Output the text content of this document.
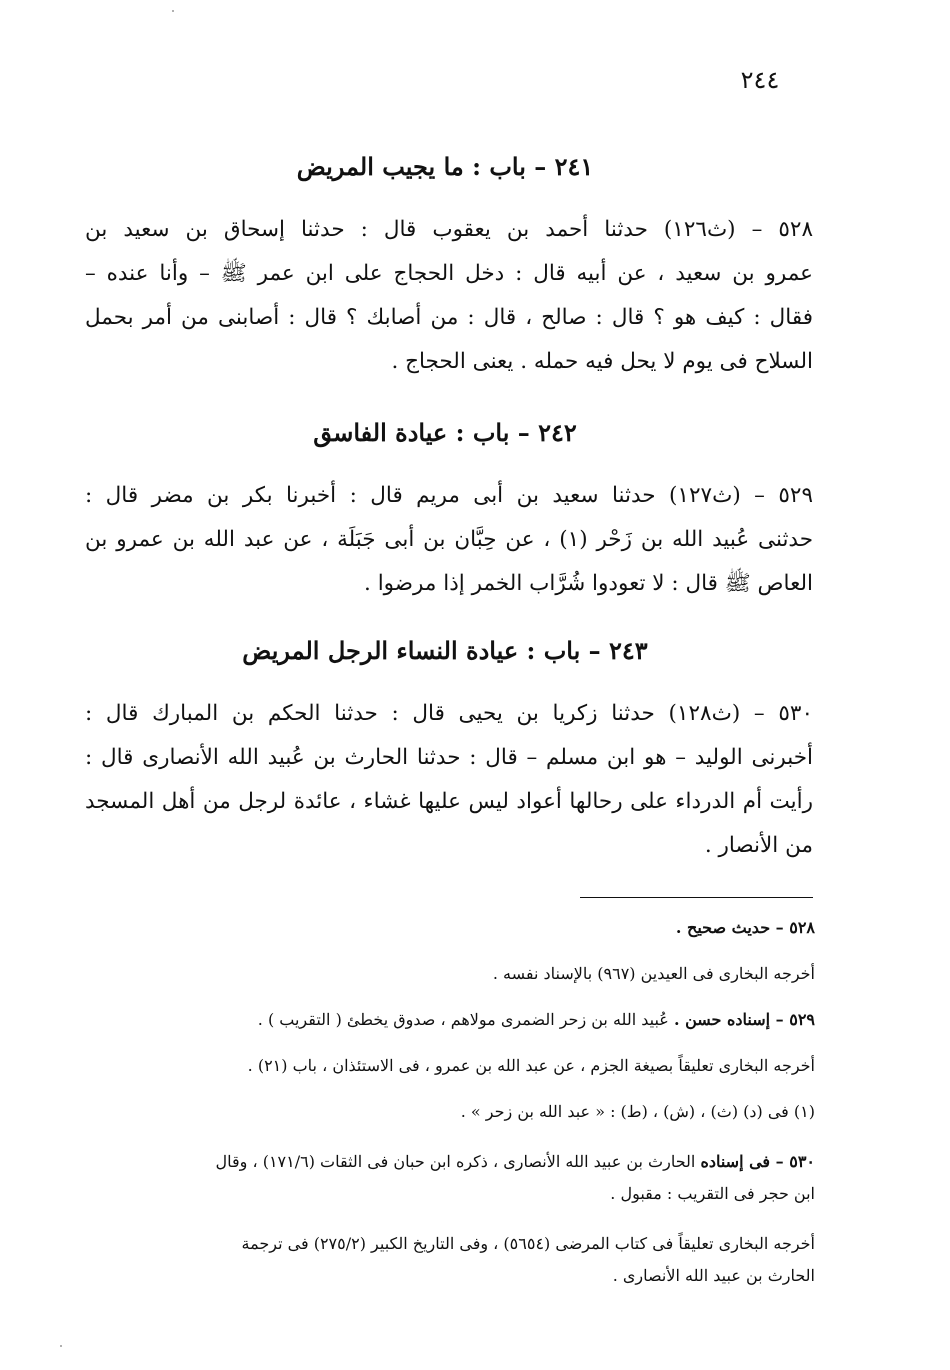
٢٤٤
٢٤١ – باب : ما يجيب المريض
٥٢٨ – (ث١٢٦) حدثنا أحمد بن يعقوب قال : حدثنا إسحاق بن سعيد بن
عمرو بن سعيد ، عن أبيه قال : دخل الحجاج على ابن عمر ﷺ – وأنا عنده –
فقال : كيف هو ؟ قال : صالح ، قال : من أصابك ؟ قال : أصابنى من أمر بحمل
السلاح فى يوم لا يحل فيه حمله . يعنى الحجاج .
٢٤٢ – باب : عيادة الفاسق
٥٢٩ – (ث١٢٧) حدثنا سعيد بن أبى مريم قال : أخبرنا بكر بن مضر قال :
حدثنى عُبيد الله بن زَحْر (١) ، عن حِبَّان بن أبى جَبَلَة ، عن عبد الله بن عمرو بن
العاص ﷺ قال : لا تعودوا شُرَّاب الخمر إذا مرضوا .
٢٤٣ – باب : عيادة النساء الرجل المريض
٥٣٠ – (ث١٢٨) حدثنا زكريا بن يحيى قال : حدثنا الحكم بن المبارك قال :
أخبرنى الوليد – هو ابن مسلم – قال : حدثنا الحارث بن عُبيد الله الأنصارى قال :
رأيت أم الدرداء على رحالها أعواد ليس عليها غشاء ، عائدة لرجل من أهل المسجد
من الأنصار .
٥٢٨ – حديث صحيح .
أخرجه البخارى فى العيدين (٩٦٧) بالإسناد نفسه .
٥٢٩ – إسناده حسن . عُبيد الله بن زحر الضمرى مولاهم ، صدوق يخطئ ( التقريب ) .
أخرجه البخارى تعليقاً بصيغة الجزم ، عن عبد الله بن عمرو ، فى الاستئذان ، باب (٢١) .
(١) فى (د) (ث) ، (ش) ، (ط) : « عبد الله بن زحر » .
٥٣٠ – فى إسناده الحارث بن عبيد الله الأنصارى ، ذكره ابن حبان فى الثقات (١٧١/٦) ، وقال
ابن حجر فى التقريب : مقبول .
أخرجه البخارى تعليقاً فى كتاب المرضى (٥٦٥٤) ، وفى التاريخ الكبير (٢٧٥/٢) فى ترجمة
الحارث بن عبيد الله الأنصارى .
